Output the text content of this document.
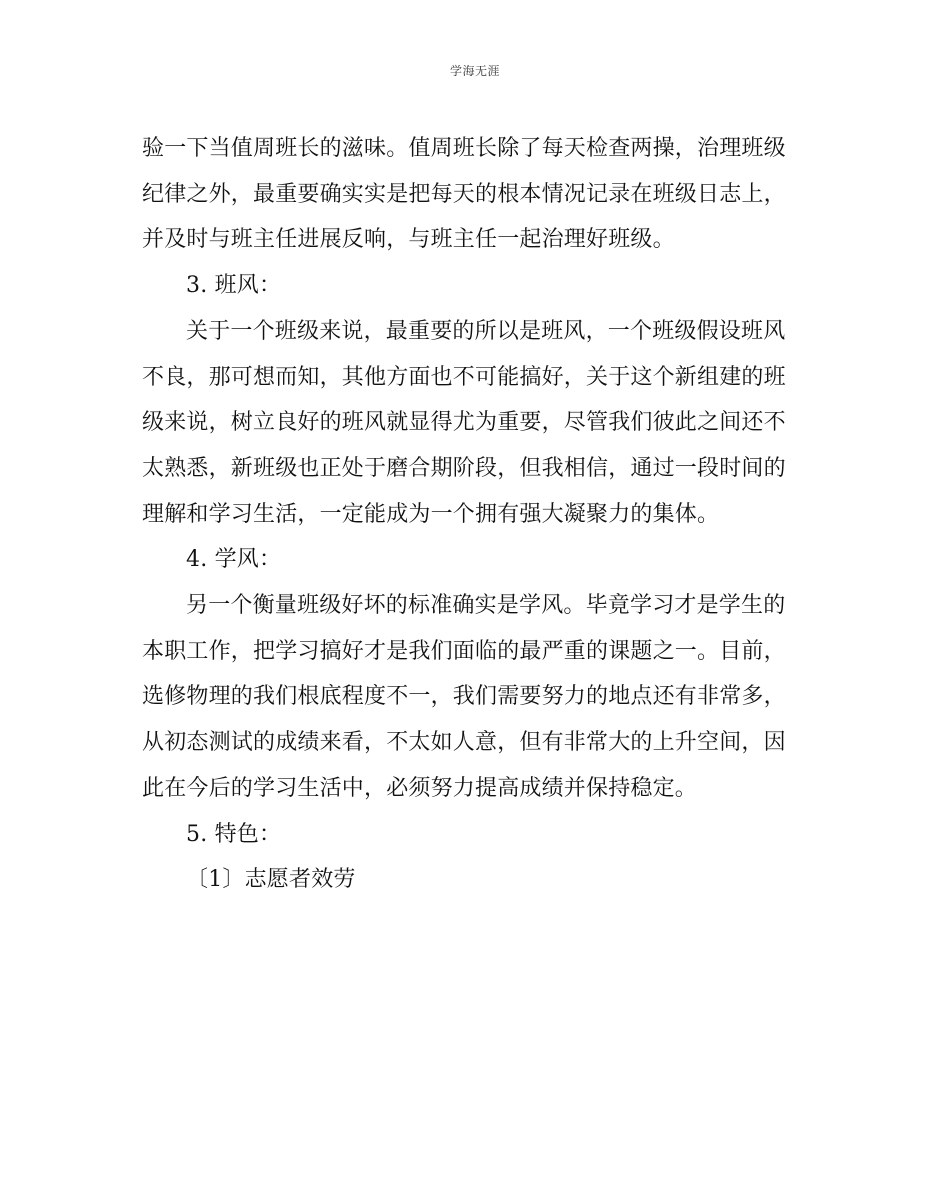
学海无涯

验一下当值周班长的滋味。值周班长除了每天检查两操，治理班级纪律之外，最重要确实实是把每天的根本情况记录在班级日志上，并及时与班主任进展反响，与班主任一起治理好班级。

3. 班风：

关于一个班级来说，最重要的所以是班风，一个班级假设班风不良，那可想而知，其他方面也不可能搞好，关于这个新组建的班级来说，树立良好的班风就显得尤为重要，尽管我们彼此之间还不太熟悉，新班级也正处于磨合期阶段，但我相信，通过一段时间的理解和学习生活，一定能成为一个拥有强大凝聚力的集体。

4. 学风：

另一个衡量班级好坏的标准确实是学风。毕竟学习才是学生的本职工作，把学习搞好才是我们面临的最严重的课题之一。目前，选修物理的我们根底程度不一，我们需要努力的地点还有非常多，从初态测试的成绩来看，不太如人意，但有非常大的上升空间，因此在今后的学习生活中，必须努力提高成绩并保持稳定。

5. 特色：

〔1〕志愿者效劳
